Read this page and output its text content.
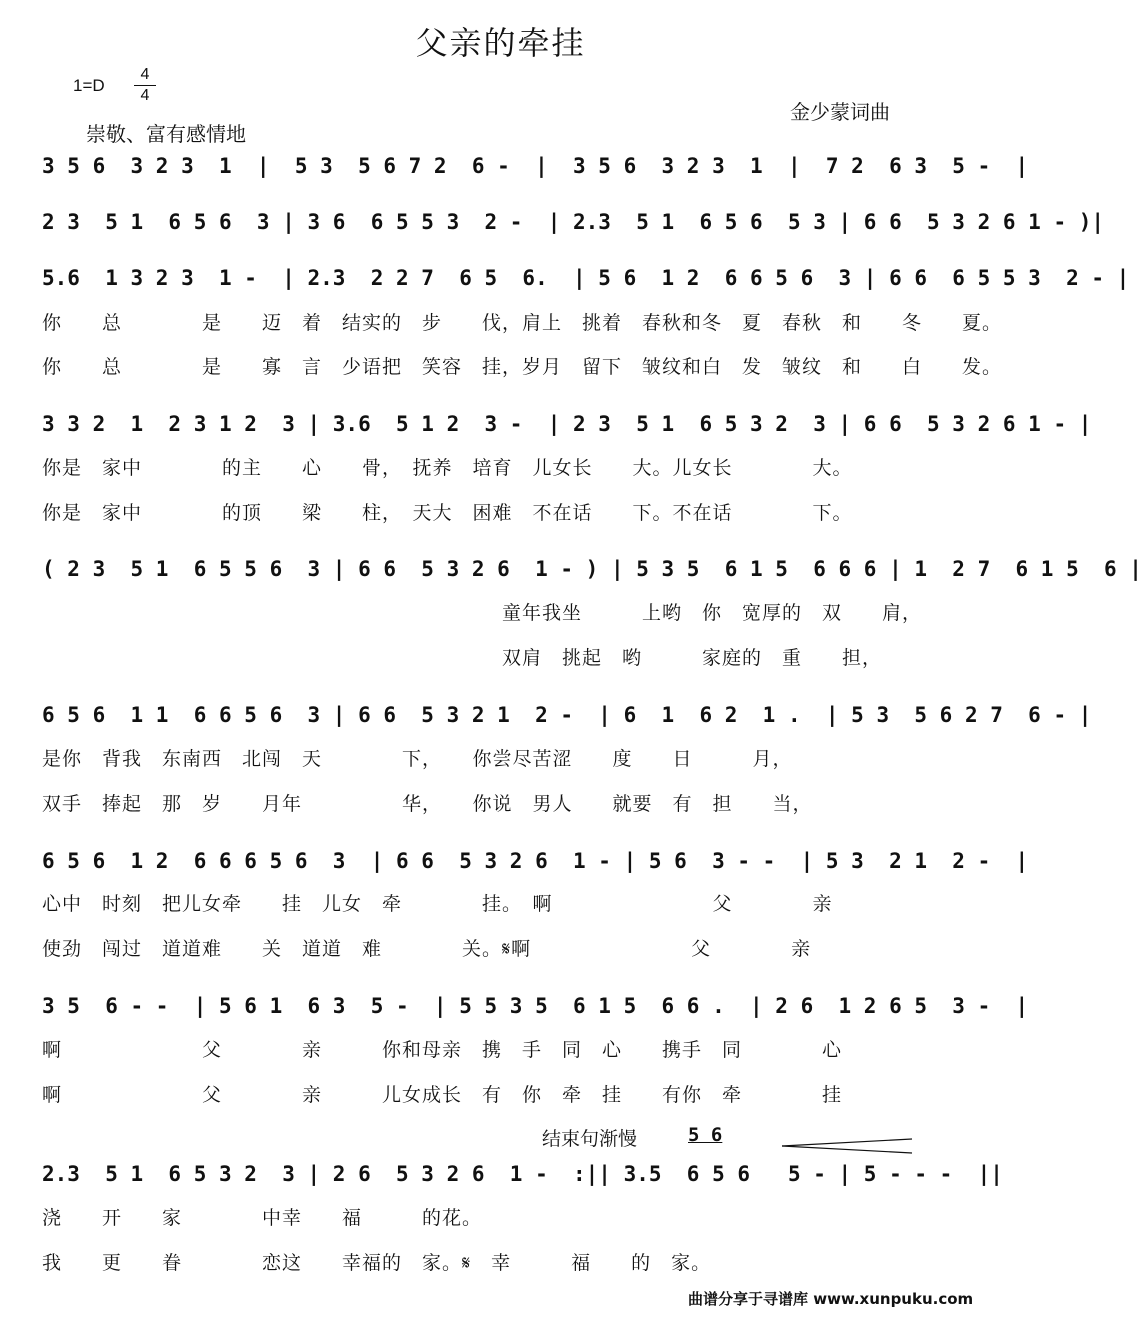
父亲的牵挂
1=D
4
4
金少蒙词曲
崇敬、富有感情地
3 5 6  3 2 3  1  |  5 3  5 6 7 2  6 -  |  3 5 6  3 2 3  1  |  7 2  6 3  5 -  |
2 3  5 1  6 5 6  3 | 3 6  6 5 5 3  2 -  | 2.3  5 1  6 5 6  5 3 | 6 6  5 3 2 6 1 - )|
5.6  1 3 2 3  1 -  | 2.3  2 2 7  6 5  6.  | 5 6  1 2  6 6 5 6  3 | 6 6  6 5 5 3  2 - |
3 3 2  1  2 3 1 2  3 | 3.6  5 1 2  3 -  | 2 3  5 1  6 5 3 2  3 | 6 6  5 3 2 6 1 - |
( 2 3  5 1  6 5 5 6  3 | 6 6  5 3 2 6  1 - ) | 5 3 5  6 1 5  6 6 6 | 1  2 7  6 1 5  6 |
6 5 6  1 1  6 6 5 6  3 | 6 6  5 3 2 1  2 -  | 6  1  6 2  1 .  | 5 3  5 6 2 7  6 - |
6 5 6  1 2  6 6 6 5 6  3  | 6 6  5 3 2 6  1 - | 5 6  3 - -  | 5 3  2 1  2 -  |
3 5  6 - -  | 5 6 1  6 3  5 -  | 5 5 3 5  6 1 5  6 6 .  | 2 6  1 2 6 5  3 -  |
2.3  5 1  6 5 3 2  3 | 2 6  5 3 2 6  1 -  :|| 3.5  6 5 6   5 - | 5 - - -  ||
你　　总　　　　是　　迈　着　结实的　步　　伐，肩上　挑着　春秋和冬　夏　春秋　和　　冬　　夏。
你　　总　　　　是　　寡　言　少语把　笑容　挂，岁月　留下　皱纹和白　发　皱纹　和　　白　　发。
你是　家中　　　　的主　　心　　骨，　抚养　培育　儿女长　　大。儿女长　　　　大。
你是　家中　　　　的顶　　梁　　柱，　天大　困难　不在话　　下。不在话　　　　下。
　　　　　　　　　　　　　　　　　　　　　　　童年我坐　　　上哟　你　宽厚的　双　　肩，
　　　　　　　　　　　　　　　　　　　　　　　双肩　挑起　哟　　　家庭的　重　　担，
是你　背我　东南西　北闯　天　　　　下，　　你尝尽苦涩　　度　　日　　　月，
双手　捧起　那　岁　　月年　　　　　华，　　你说　男人　　就要　有　担　　当，
心中　时刻　把儿女牵　　挂　儿女　牵　　　　挂。　啊　　　　　　　　父　　　　亲
使劲　闯过　道道难　　关　道道　难　　　　关。𝄋啊　　　　　　　　父　　　　亲
啊　　　　　　　父　　　　亲　　　你和母亲　携　手　同　心　　携手　同　　　　心
啊　　　　　　　父　　　　亲　　　儿女成长　有　你　牵　挂　　有你　牵　　　　挂
浇　　开　　家　　　　中幸　　福　　　的花。
我　　更　　眷　　　　恋这　　幸福的　家。𝄋　幸　　　福　　的　家。
结束句渐慢	5 6
曲谱分享于寻谱库 www.xunpuku.com
